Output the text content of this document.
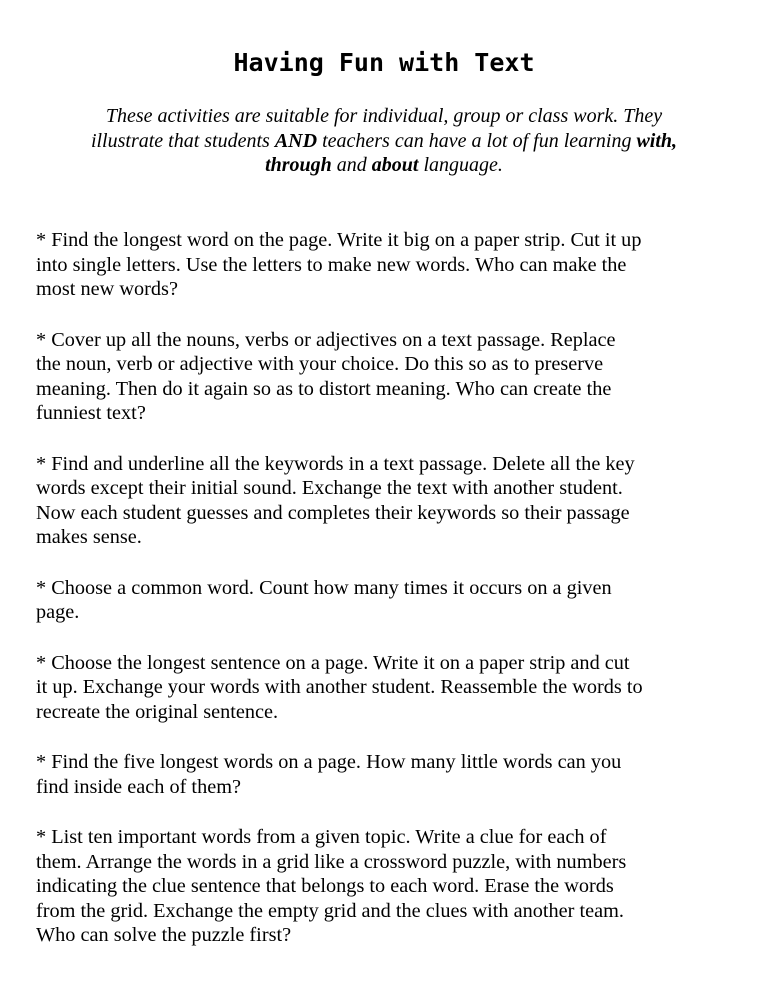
Having Fun with Text
These activities are suitable for individual, group or class work. They
illustrate that students AND teachers can have a lot of fun learning with,
through and about language.

* Find the longest word on the page. Write it big on a paper strip. Cut it up
into single letters. Use the letters to make new words. Who can make the
most new words?

* Cover up all the nouns, verbs or adjectives on a text passage. Replace
the noun, verb or adjective with your choice. Do this so as to preserve
meaning. Then do it again so as to distort meaning. Who can create the
funniest text?

* Find and underline all the keywords in a text passage. Delete all the key
words except their initial sound. Exchange the text with another student.
Now each student guesses and completes their keywords so their passage
makes sense.

* Choose a common word. Count how many times it occurs on a given
page.

* Choose the longest sentence on a page. Write it on a paper strip and cut
it up. Exchange your words with another student. Reassemble the words to
recreate the original sentence.

* Find the five longest words on a page. How many little words can you
find inside each of them?

* List ten important words from a given topic. Write a clue for each of
them. Arrange the words in a grid like a crossword puzzle, with numbers
indicating the clue sentence that belongs to each word. Erase the words
from the grid. Exchange the empty grid and the clues with another team.
Who can solve the puzzle first?
